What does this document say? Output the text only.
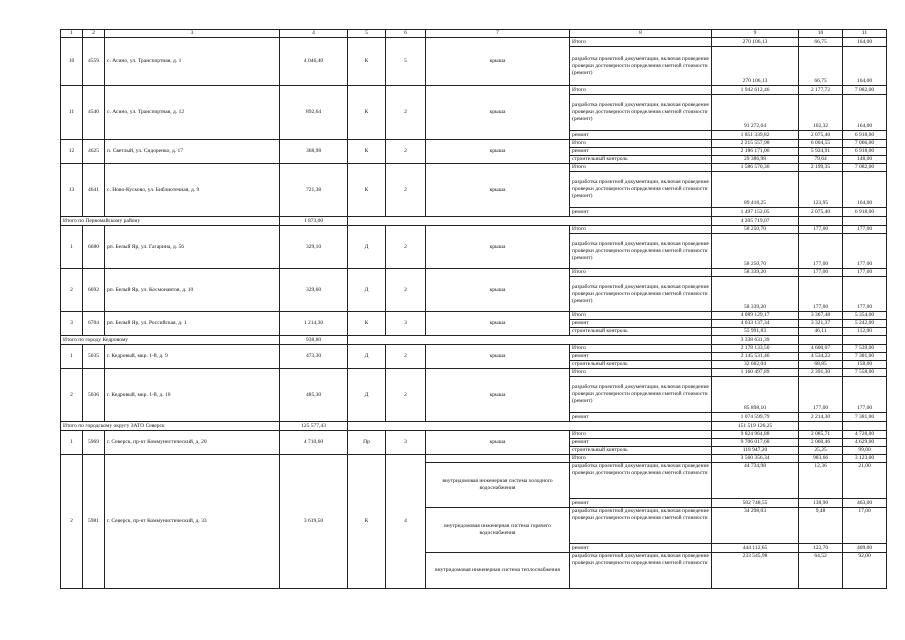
1	2	3	4	5	6	7	8	9	10	11
10	4559	с. Асино, ул. Транспортная, д. 1	4 046,40	К	5	крыша	Итого	270 106,13	66,75	164,00
							разработка проектной документации, включая проведение проверки достоверности определения сметной стоимости (ремонт)	270 106,13	66,75	164,00
11	4540	с. Асино, ул. Транспортная, д. 12	892,64	К	2	крыша	Итого	1 942 612,46	2 177,72	7 082,00
							разработка проектной документации, включая проведение проверки достоверности определения сметной стоимости (ремонт)	91 272,64	102,32	164,00
							ремонт	1 851 339,82	2 075,40	6 918,00
12	4625	п. Светлый, ул. Сидоренко, д. 17	368,98	К	2	крыша	Итого	2 215 557,98	6 004,55	7 066,00
							ремонт	2 186 171,00	5 924,91	6 918,00
							строительный контроль	29 386,98	79,64	148,00
13	4641	с. Ново-Кусково, ул. Библиотечная, д. 9	721,38	К	2	крыша	Итого	1 586 570,30	2 199,35	7 082,00
							разработка проектной документации, включая проведение проверки достоверности определения сметной стоимости (ремонт)	89 418,25	123,95	164,00
							ремонт	1 497 152,05	2 075,40	6 918,00
Итого по Первомайскому району			1 873,00					4 205 719,07		
1	6680	рп. Белый Яр, ул. Гагарина, д. 56	329,10	Д	2	крыша	Итого	58 250,70	177,00	177,00
							разработка проектной документации, включая проведение проверки достоверности определения сметной стоимости (ремонт)	58 250,70	177,00	177,00
2	6692	рп. Белый Яр, ул. Космонавтов, д. 10	329,60	Д	2	крыша	Итого	58 339,20	177,00	177,00
							разработка проектной документации, включая проведение проверки достоверности определения сметной стоимости (ремонт)	58 339,20	177,00	177,00
3	6704	рп. Белый Яр, ул. Российская, д. 1	1 214,30	К	3	крыша	Итого	4 089 129,17	3 367,48	5 354,00
							ремонт	4 033 137,34	3 321,37	5 242,00
							строительный контроль	55 991,83	46,11	112,00
Итого по городу Кедровому			938,80					3 338 631,39		
1	5035	г. Кедровый, мкр. 1-й, д. 9	473,30	Д	2	крыша	Итого	2 178 133,50	4 600,07	7 539,00
							ремонт	2 145 531,46	4 534,22	7 381,00
							строительный контроль	32 602,04	68,85	158,00
2	5036	г. Кедровый, мкр. 1-й, д. 10	485,30	Д	2	крыша	Итого	1 160 497,89	2 391,30	7 558,00
							разработка проектной документации, включая проведение проверки достоверности определения сметной стоимости (ремонт)	85 898,10	177,00	177,00
							ремонт	1 074 599,79	2 214,30	7 381,00
Итого по городскому округу ЗАТО Северск			125 577,43					151 519 126,25		
1	5969	г. Северск, пр-кт Коммунистический, д. 20	4 710,60	Пр	3	крыша	Итого	9 824 964,88	2 085,71	4 728,00
							ремонт	9 706 017,68	2 060,46	4 629,00
							строительный контроль	118 947,20	25,25	99,00
2	5981	г. Северск, пр-кт Коммунистический, д. 33	3 619,50	К	4		Итого	3 560 356,34	983,66	3 123,00
						внутридомовая инженерная система холодного водоснабжения	разработка проектной документации, включая проведение проверки достоверности определения сметной стоимости	44 734,98	12,36	21,00
							ремонт	502 748,55	138,90	463,00
						внутридомовая инженерная система горячего водоснабжения	разработка проектной документации, включая проведение проверки достоверности определения сметной стоимости	34 298,03	9,48	17,00
							ремонт	444 112,65	122,70	409,00
						внутридомовая инженерная система теплоснабжения	разработка проектной документации, включая проведение проверки достоверности определения сметной стоимости	233 545,98	64,52	92,00
